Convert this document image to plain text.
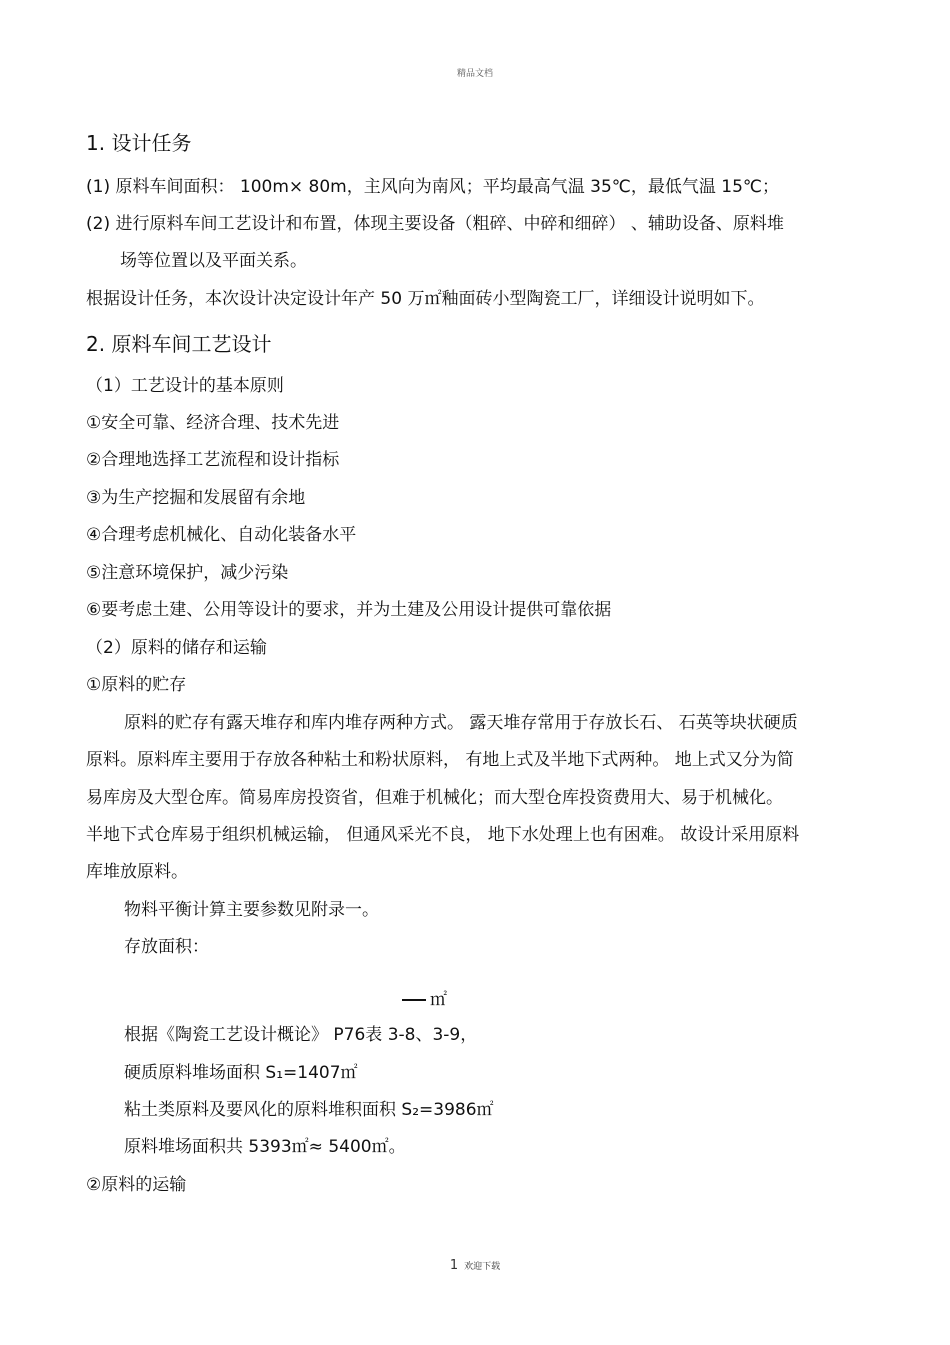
精品文档
1. 设计任务
(1) 原料车间面积： 100m× 80m，主风向为南风；平均最高气温 35℃，最低气温 15℃；
(2) 进行原料车间工艺设计和布置，体现主要设备（粗碎、中碎和细碎） 、辅助设备、原料堆
场等位置以及平面关系。
根据设计任务，本次设计决定设计年产 50 万㎡釉面砖小型陶瓷工厂，详细设计说明如下。
2. 原料车间工艺设计
（1）工艺设计的基本原则
①安全可靠、经济合理、技术先进
②合理地选择工艺流程和设计指标
③为生产挖掘和发展留有余地
④合理考虑机械化、自动化装备水平
⑤注意环境保护，减少污染
⑥要考虑土建、公用等设计的要求，并为土建及公用设计提供可靠依据
（2）原料的储存和运输
①原料的贮存
原料的贮存有露天堆存和库内堆存两种方式。 露天堆存常用于存放长石、 石英等块状硬质
原料。原料库主要用于存放各种粘土和粉状原料， 有地上式及半地下式两种。 地上式又分为简
易库房及大型仓库。简易库房投资省，但难于机械化；而大型仓库投资费用大、易于机械化。
半地下式仓库易于组织机械运输， 但通风采光不良， 地下水处理上也有困难。 故设计采用原料
库堆放原料。
物料平衡计算主要参数见附录一。
存放面积：
根据《陶瓷工艺设计概论》 P76表 3-8、3-9，
硬质原料堆场面积 S₁=1407㎡
粘土类原料及要风化的原料堆积面积 S₂=3986㎡
原料堆场面积共 5393㎡≈ 5400㎡。
②原料的运输
㎡
1 欢迎下载
